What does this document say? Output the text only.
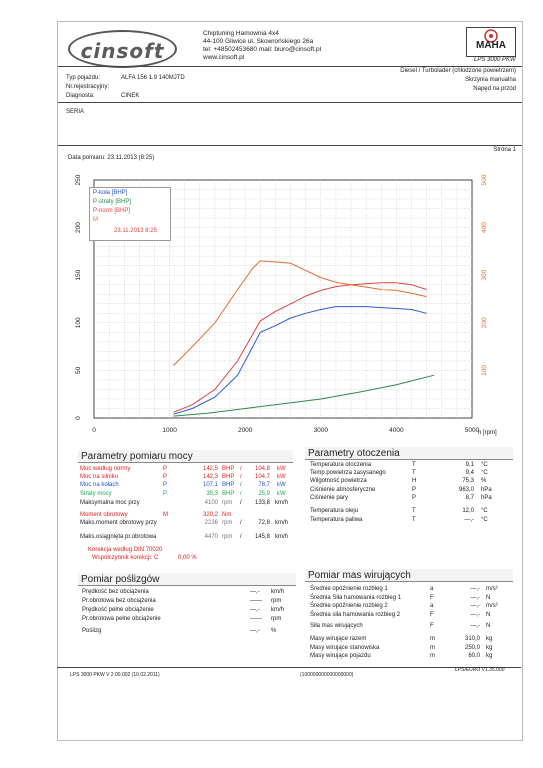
cinsoft
Chiptuning Hamownia 4x4
44-100 Gliwice ul. Skowrońskiego 26a
tel: +48502453680 mail: biuro@cinsoft.pl
www.cinsoft.pl
MAHA
LPS 3000 PKW
Typ pojazdu:	ALFA 156 1.9 140MJTD
Nr.rejestracyjny:
Diagnosta:	CINEK
Diesel / Turbolader (chłodzone powietrzem)
Skrzynia manualna
Napęd na przód
SERIA
Strona 1
Data pomiaru: 23.11.2013 (8:25)
0	1000	2000	3000	4000	5000
0
50
100
150
200
250
100
200
300
400
500
P-koła [BHP]
P-straty [BHP]
P-norm [BHP]
M
23.11.2013 8:25
n [rpm]
Parametry pomiaru mocy
Moc według normy	P	142,5 BHP /	104,8 kW
Moc na silniku	P	142,3 BHP /	104,7 kW
Moc na kołach	P	107,1 BHP /	78,7 kW
Straty mocy	P	35,3 BHP /	25,9 kW
Maksymalna moc przy	4100 rpm /	133,8 km/h
Moment obrotowy	M	320,2 Nm
Maks.moment obrotowy przy	2236 rpm /	72,8 km/h
Maks.osiągnięta pr.obrotowa	4470 rpm /	145,8 km/h
Korekcja według DIN 70020
Współczynnik korekcji: C	0,00 %
Parametry otoczenia
Temperatura otoczenia	T	9,1 °C
Temp.powietrza zasysanego	T	9,4 °C
Wilgotność powietrza	H	75,3 %
Ciśnienie atmosferyczne	P	963,0 hPa
Ciśnienie pary	P	8,7 hPa
Temperatura oleju	T	12,0 °C
Temperatura paliwa	T	—,- °C
Pomiar poślizgów
Prędkość bez obciążenia	—,- km/h
Pr.obrotowa bez obciążenia	—— rpm
Prędkość pełne obciążenie	—,- km/h
Pr.obrotowa pełne obciążenie	—— rpm
Poślizg	—,- %
Pomiar mas wirujących
Średnie opóźnienie rozbieg 1	a	—,- m/s²
Średnia Siła hamowania rozbieg 1	F	—,- N
Średnie opóźnienie rozbieg 2	a	—,- m/s²
Średnia siła hamowania rozbieg 2	F	—,- N
Siła mas wirujących	F	—,- N
Masy wirujące razem	m	310,0 kg
Masy wirujące stanowiska	m	250,0 kg
Masy wirujące pojazdu	m	60,0 kg
LPS 3000 PKW V 2.00.002 (10.02.2011)	(100000000000000000)
LPS/EURO V1.35.000
